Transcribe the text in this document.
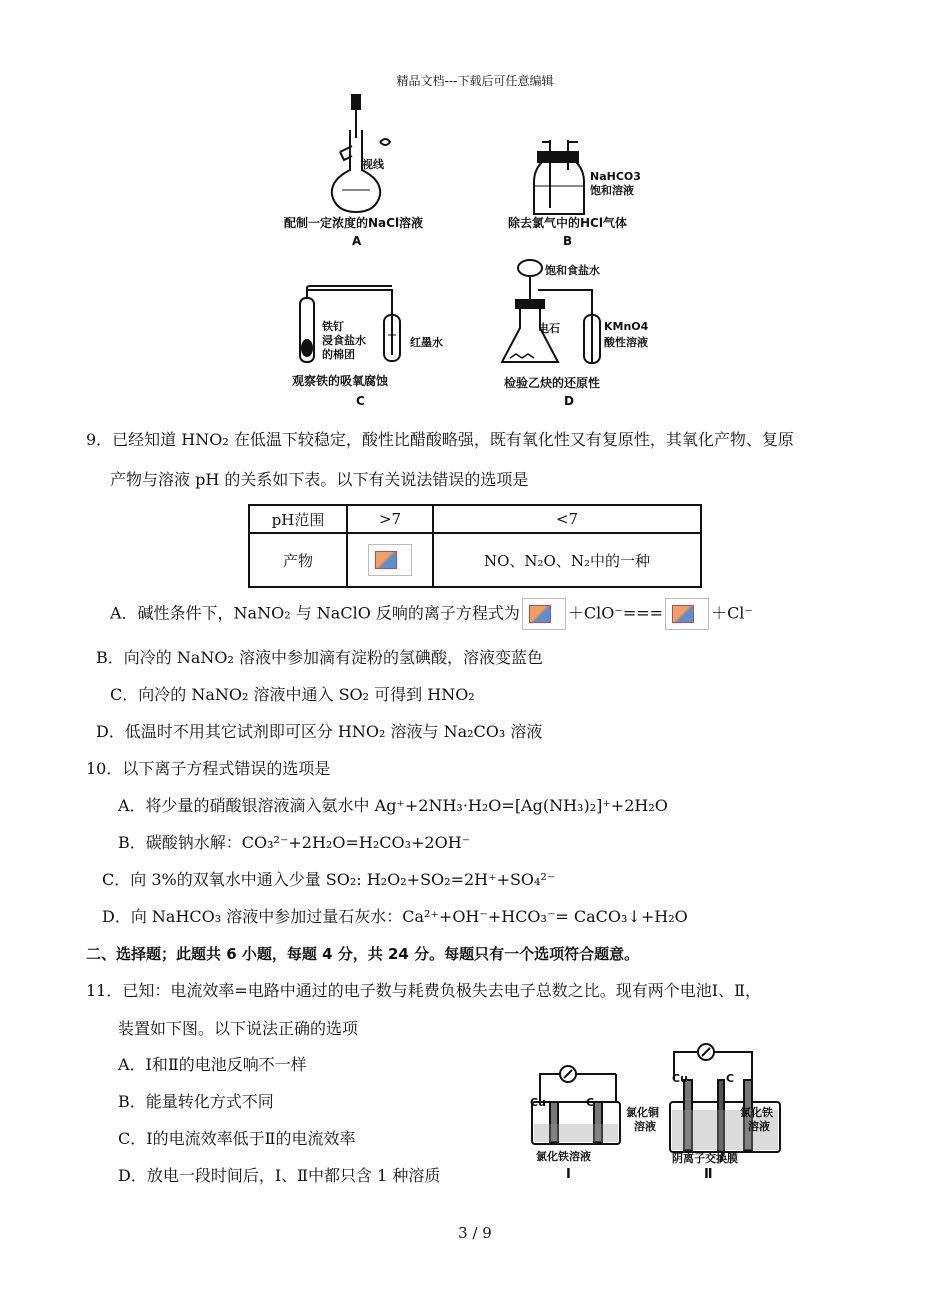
精品文档---下载后可任意编辑
视线
配制一定浓度的NaCl溶液
A
NaHCO3
饱和溶液
除去氯气中的HCl气体
B
铁钉
浸食盐水
的棉团
红墨水
观察铁的吸氧腐蚀
C
饱和食盐水
电石	KMnO4
酸性溶液
检验乙炔的还原性
D
9．已经知道 HNO₂ 在低温下较稳定，酸性比醋酸略强，既有氧化性又有复原性，其氧化产物、复原
产物与溶液 pH 的关系如下表。以下有关说法错误的选项是
pH范围	>7	<7
产物		NO、N₂O、N₂中的一种
A．碱性条件下，NaNO₂ 与 NaClO 反响的离子方程式为	＋ClO⁻===	＋Cl⁻
B．向冷的 NaNO₂ 溶液中参加滴有淀粉的氢碘酸，溶液变蓝色
C．向冷的 NaNO₂ 溶液中通入 SO₂ 可得到 HNO₂
D．低温时不用其它试剂即可区分 HNO₂ 溶液与 Na₂CO₃ 溶液
10．以下离子方程式错误的选项是
A．将少量的硝酸银溶液滴入氨水中 Ag⁺+2NH₃·H₂O=[Ag(NH₃)₂]⁺+2H₂O
B．碳酸钠水解：CO₃²⁻+2H₂O=H₂CO₃+2OH⁻
C．向 3%的双氧水中通入少量 SO₂: H₂O₂+SO₂=2H⁺+SO₄²⁻
D．向 NaHCO₃ 溶液中参加过量石灰水：Ca²⁺+OH⁻+HCO₃⁻= CaCO₃↓+H₂O
二、选择题；此题共 6 小题，每题 4 分，共 24 分。每题只有一个选项符合题意。
11．已知：电流效率=电路中通过的电子数与耗费负极失去电子总数之比。现有两个电池Ⅰ、Ⅱ，
装置如下图。以下说法正确的选项
A．Ⅰ和Ⅱ的电池反响不一样
B．能量转化方式不同
C．Ⅰ的电流效率低于Ⅱ的电流效率
D．放电一段时间后，Ⅰ、Ⅱ中都只含 1 种溶质
Cu	C
氯化铁溶液
Ⅰ
Cu	C
氯化铜
溶液
氯化铁
溶液
阴离子交换膜
Ⅱ
3 / 9
